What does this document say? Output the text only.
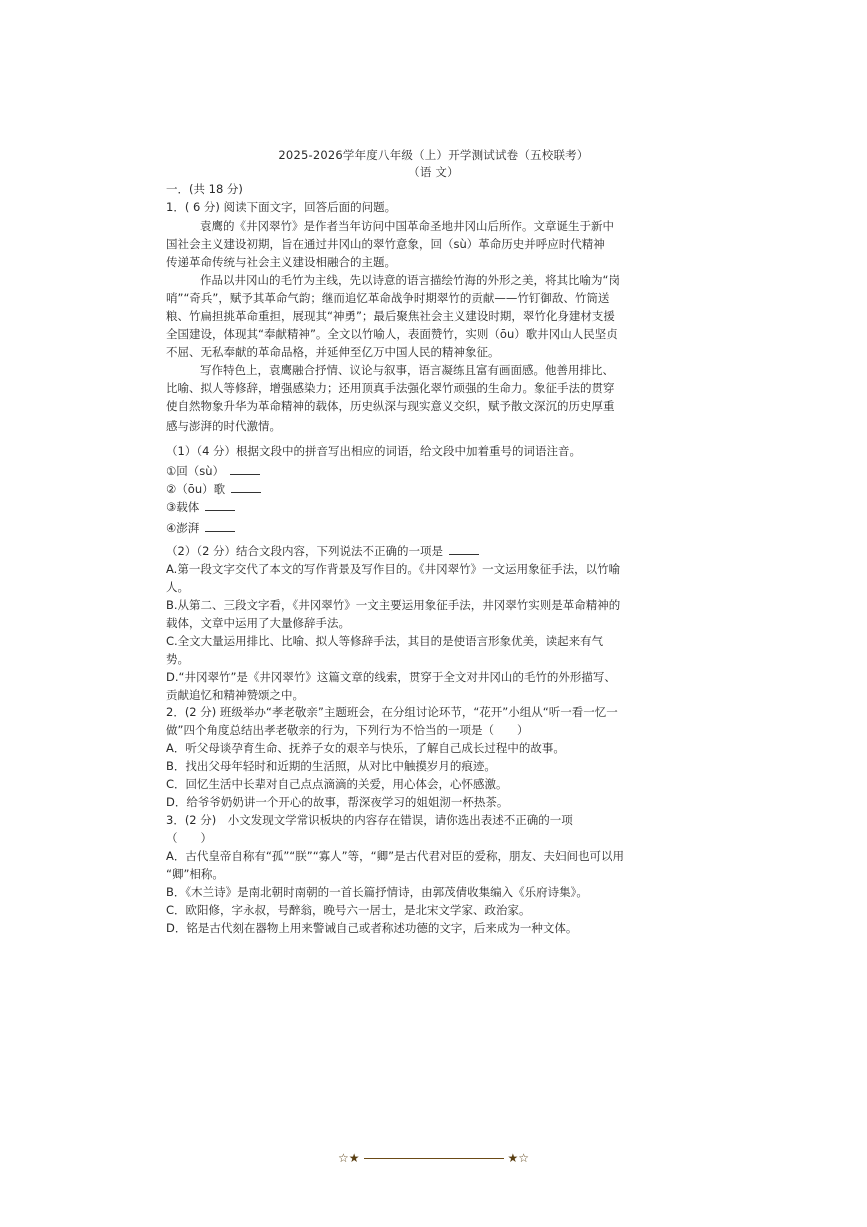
2025-2026学年度八年级（上）开学测试试卷（五校联考）
（语 文）
一．(共 18 分)
1．( 6 分) 阅读下面文字，回答后面的问题。
袁鹰的《井冈翠竹》是作者当年访问中国革命圣地井冈山后所作。文章诞生于新中
国社会主义建设初期，旨在通过井冈山的翠竹意象，回（sù）革命历史并呼应时代精神
传递革命传统与社会主义建设相融合的主题。
作品以井冈山的毛竹为主线，先以诗意的语言描绘竹海的外形之美，将其比喻为“岗
哨”“奇兵”，赋予其革命气韵；继而追忆革命战争时期翠竹的贡献——竹钉御敌、竹筒送
粮、竹扁担挑革命重担，展现其“神勇”；最后聚焦社会主义建设时期，翠竹化身建材支援
全国建设，体现其“奉献精神”。全文以竹喻人，表面赞竹，实则（ōu）歌井冈山人民坚贞
不屈、无私奉献的革命品格，并延伸至亿万中国人民的精神象征。
写作特色上，袁鹰融合抒情、议论与叙事，语言凝练且富有画面感。他善用排比、
比喻、拟人等修辞，增强感染力；还用顶真手法强化翠竹顽强的生命力。象征手法的贯穿
使自然物象升华为革命精神的载体，历史纵深与现实意义交织，赋予散文深沉的历史厚重
感与澎湃的时代激情。
（1）（4 分）根据文段中的拼音写出相应的词语，给文段中加着重号的词语注音。
①回（sù）
②（ōu）歌
③载体
④澎湃
（2）（2 分）结合文段内容，下列说法不正确的一项是
A.第一段文字交代了本文的写作背景及写作目的。《井冈翠竹》一文运用象征手法，以竹喻
人。
B.从第二、三段文字看，《井冈翠竹》一文主要运用象征手法，井冈翠竹实则是革命精神的
载体，文章中运用了大量修辞手法。
C.全文大量运用排比、比喻、拟人等修辞手法，其目的是使语言形象优美，读起来有气
势。
D.“井冈翠竹”是《井冈翠竹》这篇文章的线索，贯穿于全文对井冈山的毛竹的外形描写、
贡献追忆和精神赞颂之中。
2．(2 分) 班级举办“孝老敬亲”主题班会，在分组讨论环节，“花开”小组从“听一看一忆一
做”四个角度总结出孝老敬亲的行为，下列行为不恰当的一项是（　　）
A．听父母谈孕育生命、抚养子女的艰辛与快乐，了解自己成长过程中的故事。
B．找出父母年轻时和近期的生活照，从对比中触摸岁月的痕迹。
C．回忆生活中长辈对自己点点滴滴的关爱，用心体会，心怀感激。
D．给爷爷奶奶讲一个开心的故事，帮深夜学习的姐姐沏一杯热茶。
3．(2 分)　小文发现文学常识板块的内容存在错误，请你选出表述不正确的一项
（　　）
A．古代皇帝自称有“孤”“朕”“寡人”等，“卿”是古代君对臣的爱称，朋友、夫妇间也可以用
“卿”相称。
B．《木兰诗》是南北朝时南朝的一首长篇抒情诗，由郭茂倩收集编入《乐府诗集》。
C．欧阳修，字永叔，号醉翁，晚号六一居士，是北宋文学家、政治家。
D．铭是古代刻在器物上用来警诫自己或者称述功德的文字，后来成为一种文体。
☆★	★☆
